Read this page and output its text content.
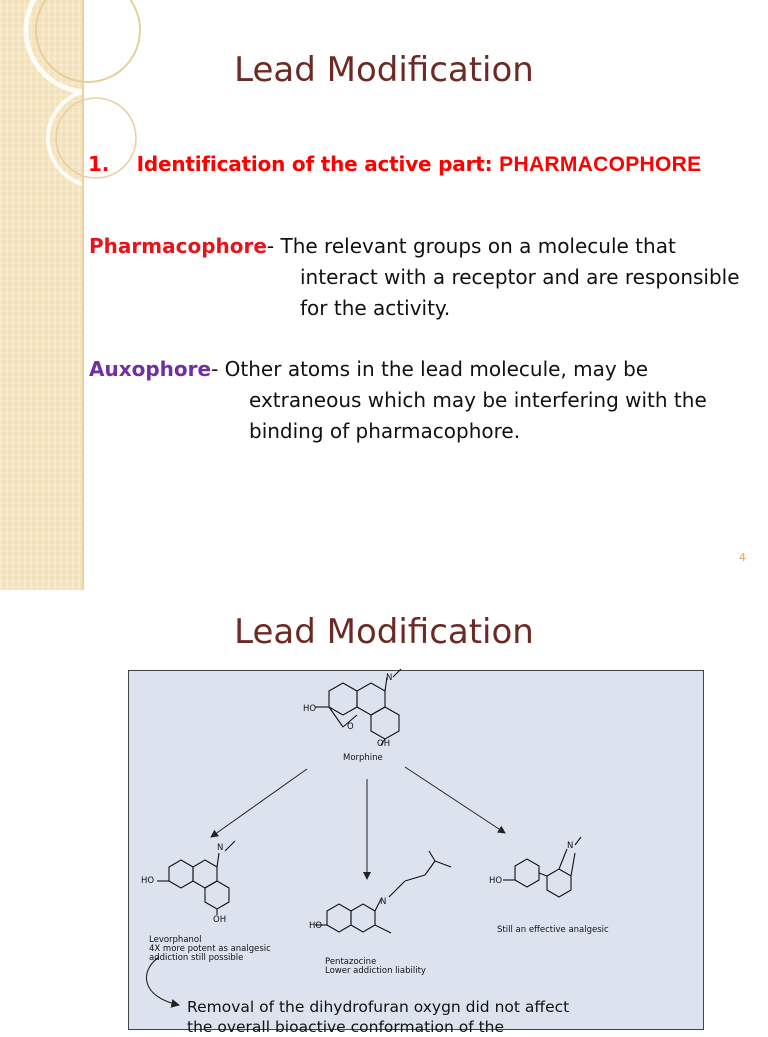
Lead Modification
1. Identification of the active part: PHARMACOPHORE
Pharmacophore- The relevant groups on a molecule that
interact with a receptor and are responsible
for the activity.
Auxophore- Other atoms in the lead molecule, may be
extraneous which may be interfering with the
binding of pharmacophore.
4
Lead Modification
HO
O
OH
N
Morphine
HO
OH
N
Levorphanol
4X more potent as analgesic
addiction still possible
HO
N
Pentazocine
Lower addiction liability
HO
N
Still an effective analgesic
Removal of the dihydrofuran oxygn did not affect
the overall bioactive conformation of the
